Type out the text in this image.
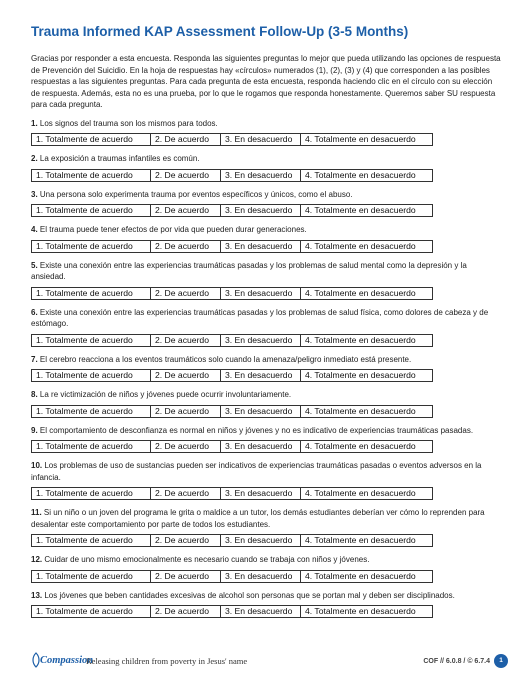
Trauma Informed KAP Assessment Follow-Up (3-5 Months)

Gracias por responder a esta encuesta. Responda las siguientes preguntas lo mejor que pueda utilizando las opciones de respuesta de Prevención del Suicidio. En la hoja de respuestas hay «círculos» numerados (1), (2), (3) y (4) que corresponden a las posibles respuestas a las siguientes preguntas. Para cada pregunta de esta encuesta, responda haciendo clic en el círculo con su elección de respuesta. Además, esta no es una prueba, por lo que le rogamos que responda honestamente. Queremos saber SU respuesta para cada pregunta.

1. Los signos del trauma son los mismos para todos.

1. Totalmente de acuerdo	2. De acuerdo	3. En desacuerdo	4. Totalmente en desacuerdo

2. La exposición a traumas infantiles es común.

1. Totalmente de acuerdo	2. De acuerdo	3. En desacuerdo	4. Totalmente en desacuerdo

3. Una persona solo experimenta trauma por eventos específicos y únicos, como el abuso.

1. Totalmente de acuerdo	2. De acuerdo	3. En desacuerdo	4. Totalmente en desacuerdo

4. El trauma puede tener efectos de por vida que pueden durar generaciones.

1. Totalmente de acuerdo	2. De acuerdo	3. En desacuerdo	4. Totalmente en desacuerdo

5. Existe una conexión entre las experiencias traumáticas pasadas y los problemas de salud mental como la depresión y la ansiedad.

1. Totalmente de acuerdo	2. De acuerdo	3. En desacuerdo	4. Totalmente en desacuerdo

6. Existe una conexión entre las experiencias traumáticas pasadas y los problemas de salud física, como dolores de cabeza y de estómago.

1. Totalmente de acuerdo	2. De acuerdo	3. En desacuerdo	4. Totalmente en desacuerdo

7. El cerebro reacciona a los eventos traumáticos solo cuando la amenaza/peligro inmediato está presente.

1. Totalmente de acuerdo	2. De acuerdo	3. En desacuerdo	4. Totalmente en desacuerdo

8. La re victimización de niños y jóvenes puede ocurrir involuntariamente.

1. Totalmente de acuerdo	2. De acuerdo	3. En desacuerdo	4. Totalmente en desacuerdo

9. El comportamiento de desconfianza es normal en niños y jóvenes y no es indicativo de experiencias traumáticas pasadas.

1. Totalmente de acuerdo	2. De acuerdo	3. En desacuerdo	4. Totalmente en desacuerdo

10. Los problemas de uso de sustancias pueden ser indicativos de experiencias traumáticas pasadas o eventos adversos en la infancia.

1. Totalmente de acuerdo	2. De acuerdo	3. En desacuerdo	4. Totalmente en desacuerdo

11. Si un niño o un joven del programa le grita o maldice a un tutor, los demás estudiantes deberían ver cómo lo reprenden para desalentar este comportamiento por parte de todos los estudiantes.

1. Totalmente de acuerdo	2. De acuerdo	3. En desacuerdo	4. Totalmente en desacuerdo

12. Cuidar de uno mismo emocionalmente es necesario cuando se trabaja con niños y jóvenes.

1. Totalmente de acuerdo	2. De acuerdo	3. En desacuerdo	4. Totalmente en desacuerdo

13. Los jóvenes que beben cantidades excesivas de alcohol son personas que se portan mal y deben ser disciplinados.

1. Totalmente de acuerdo	2. De acuerdo	3. En desacuerdo	4. Totalmente en desacuerdo
Compassion
Releasing children from poverty in Jesus' name	COF // 6.0.8 / © 6.7.4	1
